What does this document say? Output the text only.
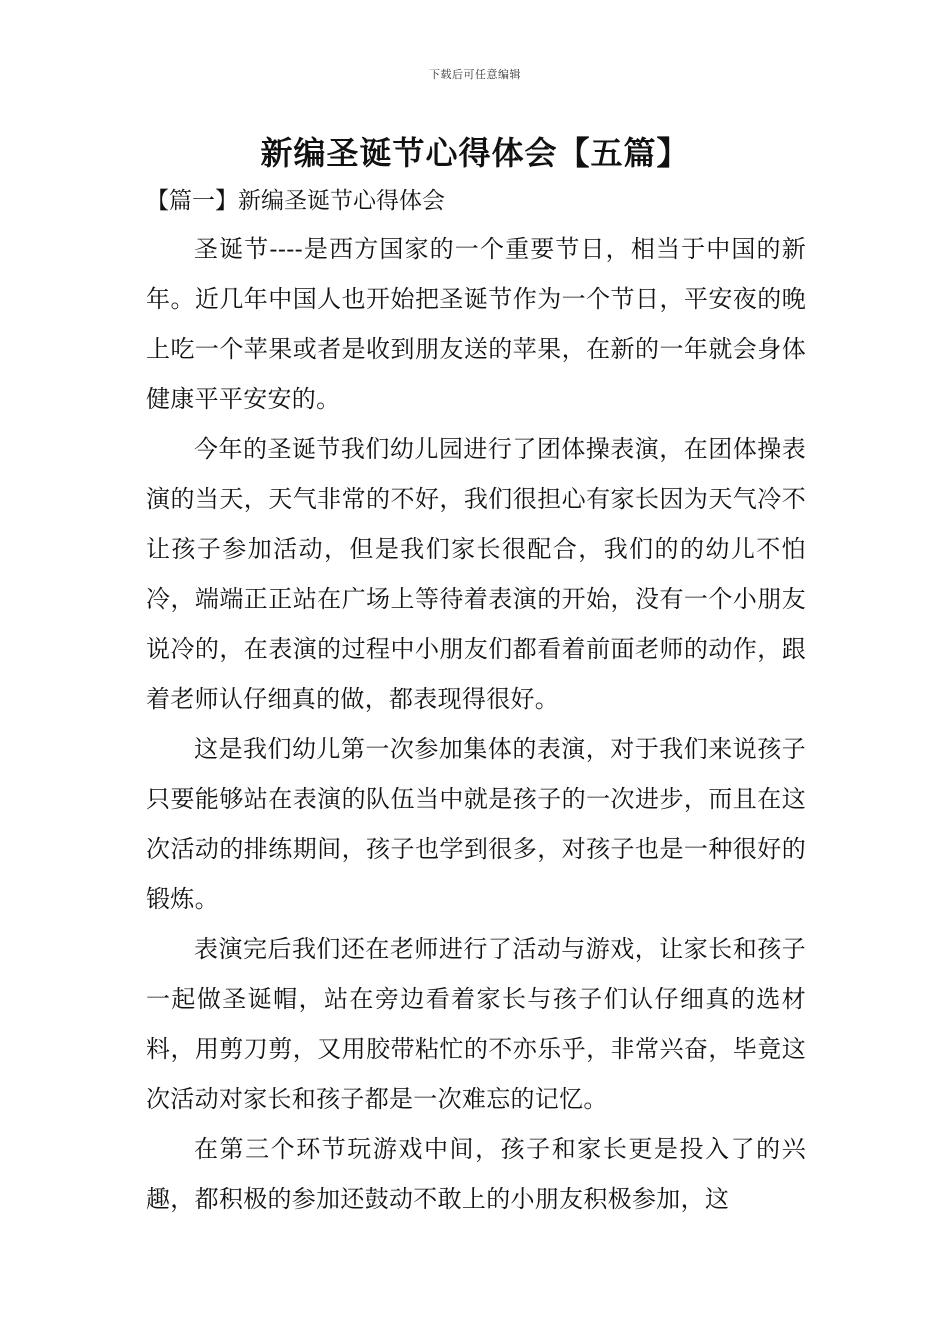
下载后可任意编辑
新编圣诞节心得体会【五篇】
【篇一】新编圣诞节心得体会

圣诞节----是西方国家的一个重要节日，相当于中国的新年。近几年中国人也开始把圣诞节作为一个节日，平安夜的晚上吃一个苹果或者是收到朋友送的苹果，在新的一年就会身体健康平平安安的。

今年的圣诞节我们幼儿园进行了团体操表演，在团体操表演的当天，天气非常的不好，我们很担心有家长因为天气冷不让孩子参加活动，但是我们家长很配合，我们的的幼儿不怕冷，端端正正站在广场上等待着表演的开始，没有一个小朋友说冷的，在表演的过程中小朋友们都看着前面老师的动作，跟着老师认仔细真的做，都表现得很好。

这是我们幼儿第一次参加集体的表演，对于我们来说孩子只要能够站在表演的队伍当中就是孩子的一次进步，而且在这次活动的排练期间，孩子也学到很多，对孩子也是一种很好的锻炼。

表演完后我们还在老师进行了活动与游戏，让家长和孩子一起做圣诞帽，站在旁边看着家长与孩子们认仔细真的选材料，用剪刀剪，又用胶带粘忙的不亦乐乎，非常兴奋，毕竟这次活动对家长和孩子都是一次难忘的记忆。

在第三个环节玩游戏中间，孩子和家长更是投入了的兴趣，都积极的参加还鼓动不敢上的小朋友积极参加，这
